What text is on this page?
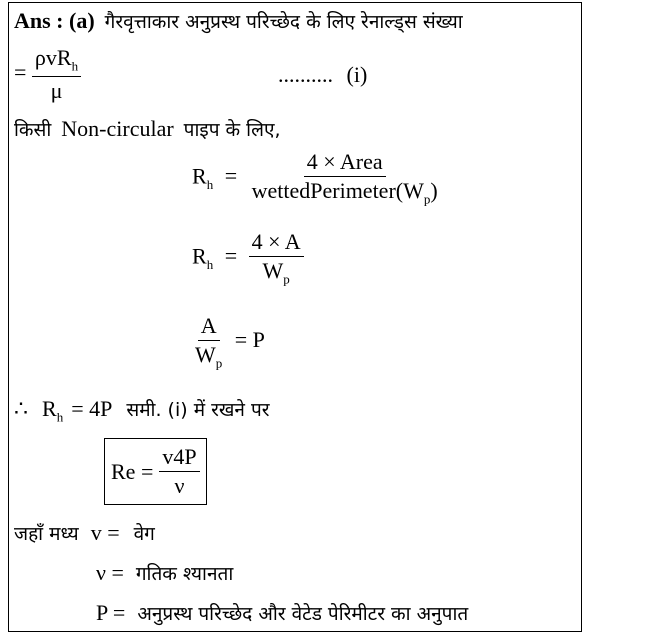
Ans : (a) गैरवृत्ताकार अनुप्रस्थ परिच्छेद के लिए रेनाल्ड्स संख्या
= $\frac{\rho vR_h}{\mu}$	.......... (i)
किसी Non-circular पाइप के लिए,
$R_h = \frac{\text{4 × Area}}{wettedPerimeter(W_p)}$
$R_h = \frac{4 \times A}{W_p}$
$\frac{A}{W_p} = P$
∴ $R_h = 4P$ समी. (i) में रखने पर
$Re = \frac{v4P}{\nu}$
जहाँ मध्य v = वेग
ν = गतिक श्यानता
P = अनुप्रस्थ परिच्छेद और वेटेड पेरिमीटर का अनुपात
